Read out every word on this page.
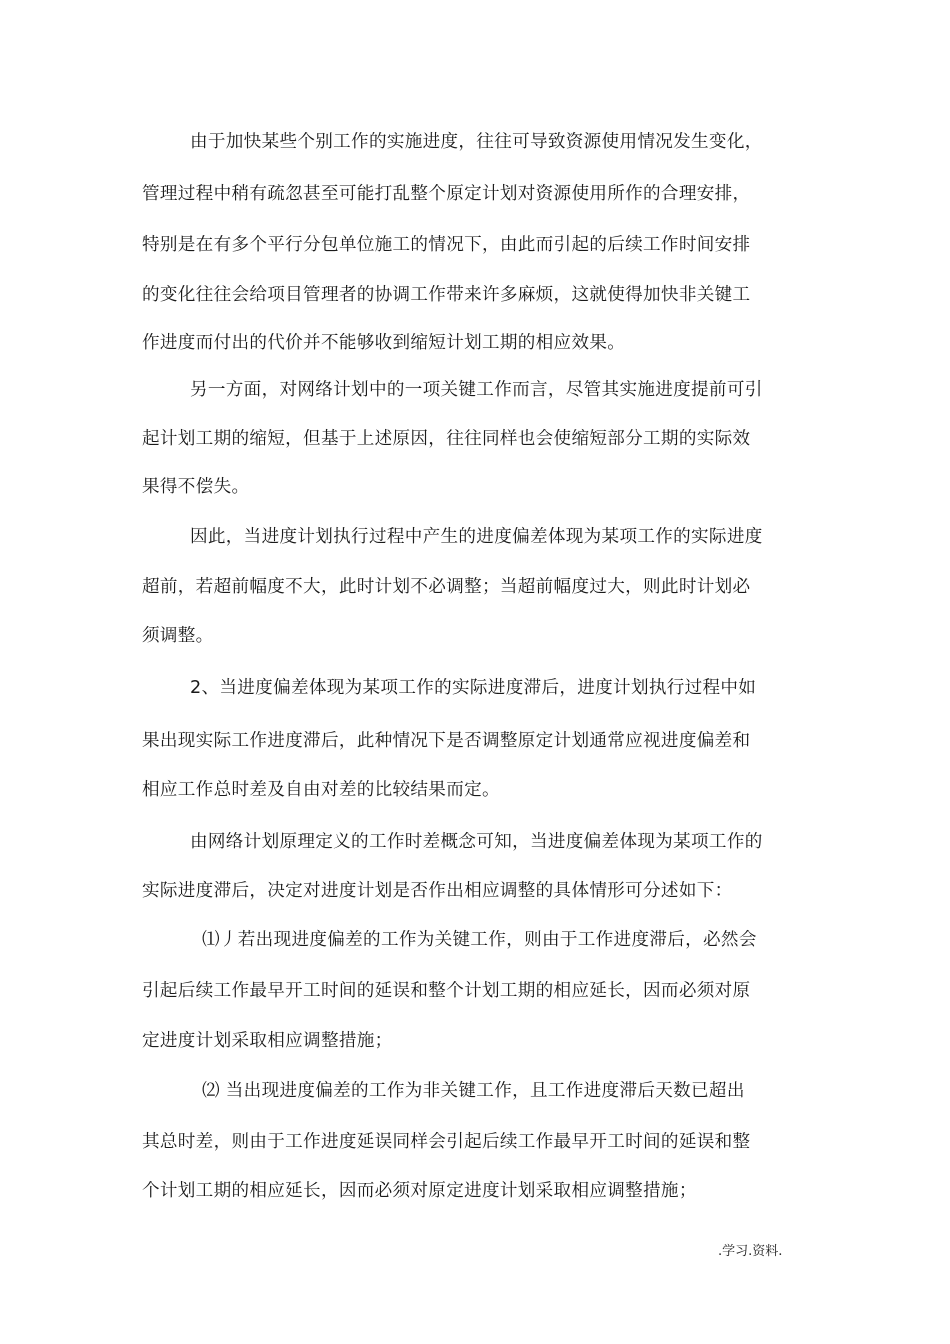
由于加快某些个别工作的实施进度，往往可导致资源使用情况发生变化，
管理过程中稍有疏忽甚至可能打乱整个原定计划对资源使用所作的合理安排，
特别是在有多个平行分包单位施工的情况下，由此而引起的后续工作时间安排
的变化往往会给项目管理者的协调工作带来许多麻烦，这就使得加快非关键工
作进度而付出的代价并不能够收到缩短计划工期的相应效果。
另一方面，对网络计划中的一项关键工作而言，尽管其实施进度提前可引
起计划工期的缩短，但基于上述原因，往往同样也会使缩短部分工期的实际效
果得不偿失。
因此，当进度计划执行过程中产生的进度偏差体现为某项工作的实际进度
超前，若超前幅度不大，此时计划不必调整；当超前幅度过大，则此时计划必
须调整。
2、当进度偏差体现为某项工作的实际进度滞后，进度计划执行过程中如
果出现实际工作进度滞后，此种情况下是否调整原定计划通常应视进度偏差和
相应工作总时差及自由对差的比较结果而定。
由网络计划原理定义的工作时差概念可知，当进度偏差体现为某项工作的
实际进度滞后，决定对进度计划是否作出相应调整的具体情形可分述如下：
⑴丿若出现进度偏差的工作为关键工作，则由于工作进度滞后，必然会
引起后续工作最早开工时间的延误和整个计划工期的相应延长，因而必须对原
定进度计划采取相应调整措施；
⑵ 当出现进度偏差的工作为非关键工作，且工作进度滞后天数已超出
其总时差，则由于工作进度延误同样会引起后续工作最早开工时间的延误和整
个计划工期的相应延长，因而必须对原定进度计划采取相应调整措施；
.学习.资料.
